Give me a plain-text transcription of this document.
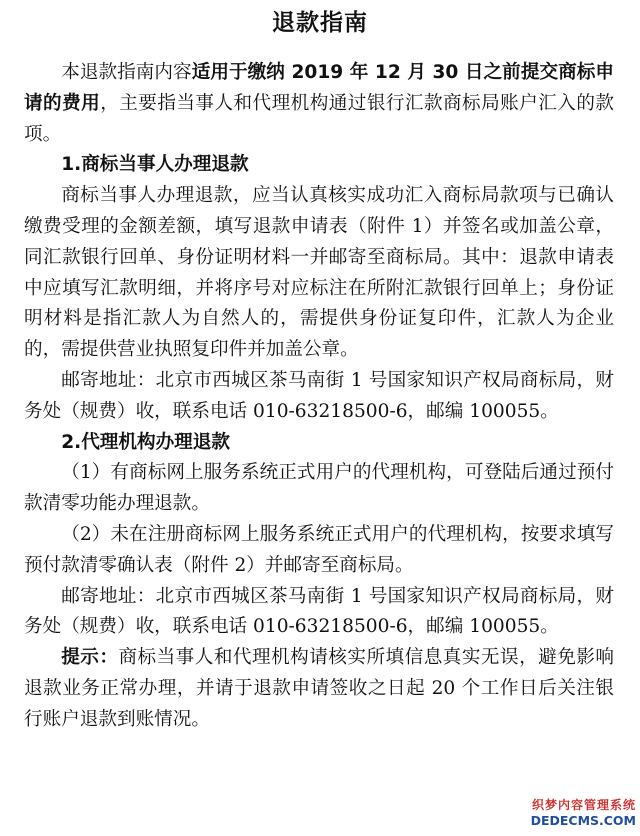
退款指南

本退款指南内容适用于缴纳 2019 年 12 月 30 日之前提交商标申请的费用，主要指当事人和代理机构通过银行汇款商标局账户汇入的款项。

1.商标当事人办理退款

商标当事人办理退款，应当认真核实成功汇入商标局款项与已确认缴费受理的金额差额，填写退款申请表（附件 1）并签名或加盖公章，同汇款银行回单、身份证明材料一并邮寄至商标局。其中：退款申请表中应填写汇款明细，并将序号对应标注在所附汇款银行回单上；身份证明材料是指汇款人为自然人的，需提供身份证复印件，汇款人为企业的，需提供营业执照复印件并加盖公章。

邮寄地址：北京市西城区茶马南街 1 号国家知识产权局商标局，财务处（规费）收，联系电话 010-63218500-6，邮编 100055。

2.代理机构办理退款

（1）有商标网上服务系统正式用户的代理机构，可登陆后通过预付款清零功能办理退款。

（2）未在注册商标网上服务系统正式用户的代理机构，按要求填写预付款清零确认表（附件 2）并邮寄至商标局。

邮寄地址：北京市西城区茶马南街 1 号国家知识产权局商标局，财务处（规费）收，联系电话 010-63218500-6，邮编 100055。

提示：商标当事人和代理机构请核实所填信息真实无误，避免影响退款业务正常办理，并请于退款申请签收之日起 20 个工作日后关注银行账户退款到账情况。

织梦内容管理系统
DEDECMS.COM
